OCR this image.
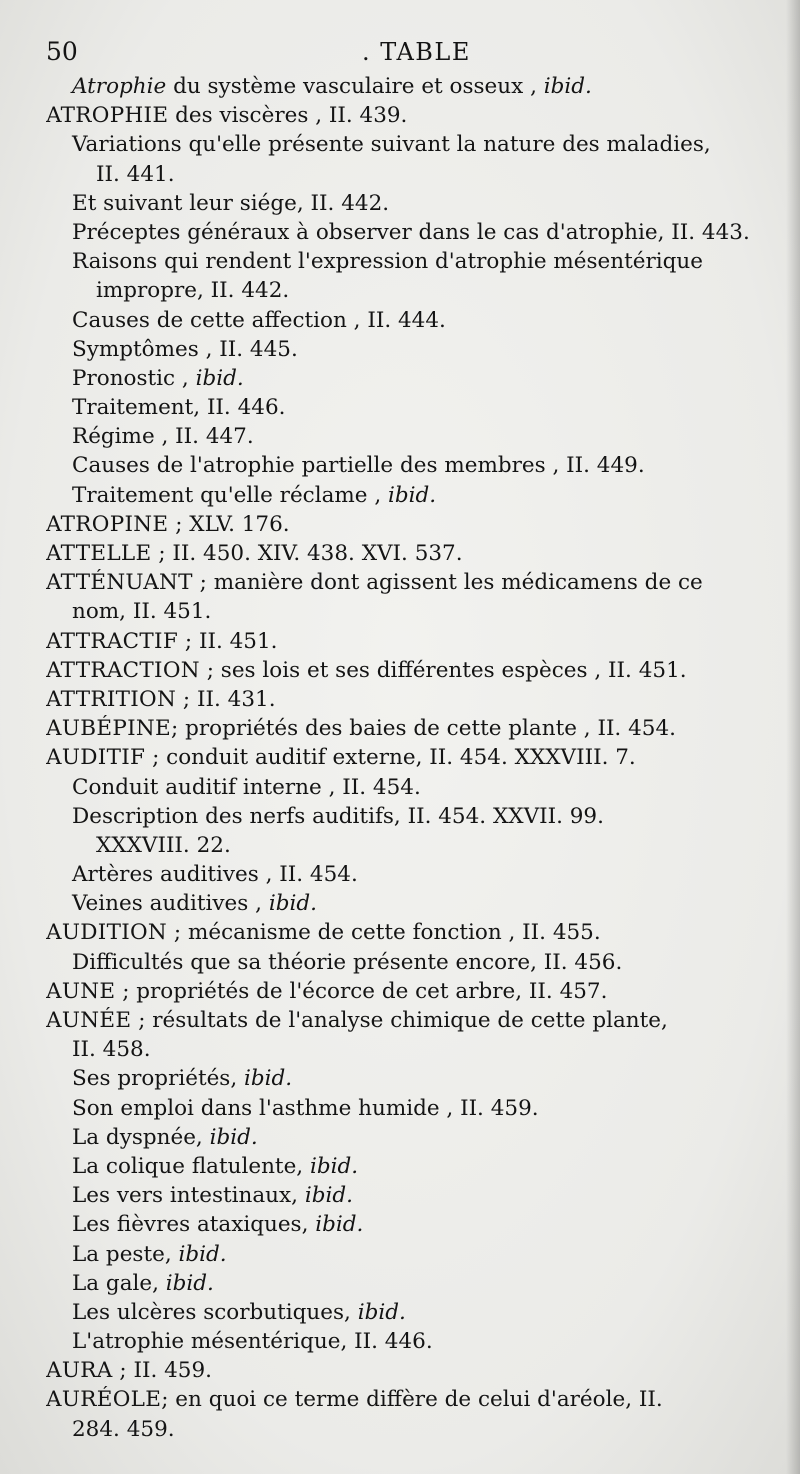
50	. TABLE
Atrophie du système vasculaire et osseux , ibid.
ATROPHIE des viscères , II. 439.
Variations qu'elle présente suivant la nature des maladies,
II. 441.
Et suivant leur siége, II. 442.
Préceptes généraux à observer dans le cas d'atrophie, II. 443.
Raisons qui rendent l'expression d'atrophie mésentérique
impropre, II. 442.
Causes de cette affection , II. 444.
Symptômes , II. 445.
Pronostic , ibid.
Traitement, II. 446.
Régime , II. 447.
Causes de l'atrophie partielle des membres , II. 449.
Traitement qu'elle réclame , ibid.
ATROPINE ; XLV. 176.
ATTELLE ; II. 450. XIV. 438. XVI. 537.
ATTÉNUANT ; manière dont agissent les médicamens de ce
nom, II. 451.
ATTRACTIF ; II. 451.
ATTRACTION ; ses lois et ses différentes espèces , II. 451.
ATTRITION ; II. 431.
AUBÉPINE; propriétés des baies de cette plante , II. 454.
AUDITIF ; conduit auditif externe, II. 454. XXXVIII. 7.
Conduit auditif interne , II. 454.
Description des nerfs auditifs, II. 454. XXVII. 99.
XXXVIII. 22.
Artères auditives , II. 454.
Veines auditives , ibid.
AUDITION ; mécanisme de cette fonction , II. 455.
Difficultés que sa théorie présente encore, II. 456.
AUNE ; propriétés de l'écorce de cet arbre, II. 457.
AUNÉE ; résultats de l'analyse chimique de cette plante,
II. 458.
Ses propriétés, ibid.
Son emploi dans l'asthme humide , II. 459.
La dyspnée, ibid.
La colique flatulente, ibid.
Les vers intestinaux, ibid.
Les fièvres ataxiques, ibid.
La peste, ibid.
La gale, ibid.
Les ulcères scorbutiques, ibid.
L'atrophie mésentérique, II. 446.
AURA ; II. 459.
AURÉOLE; en quoi ce terme diffère de celui d'aréole, II.
284. 459.
